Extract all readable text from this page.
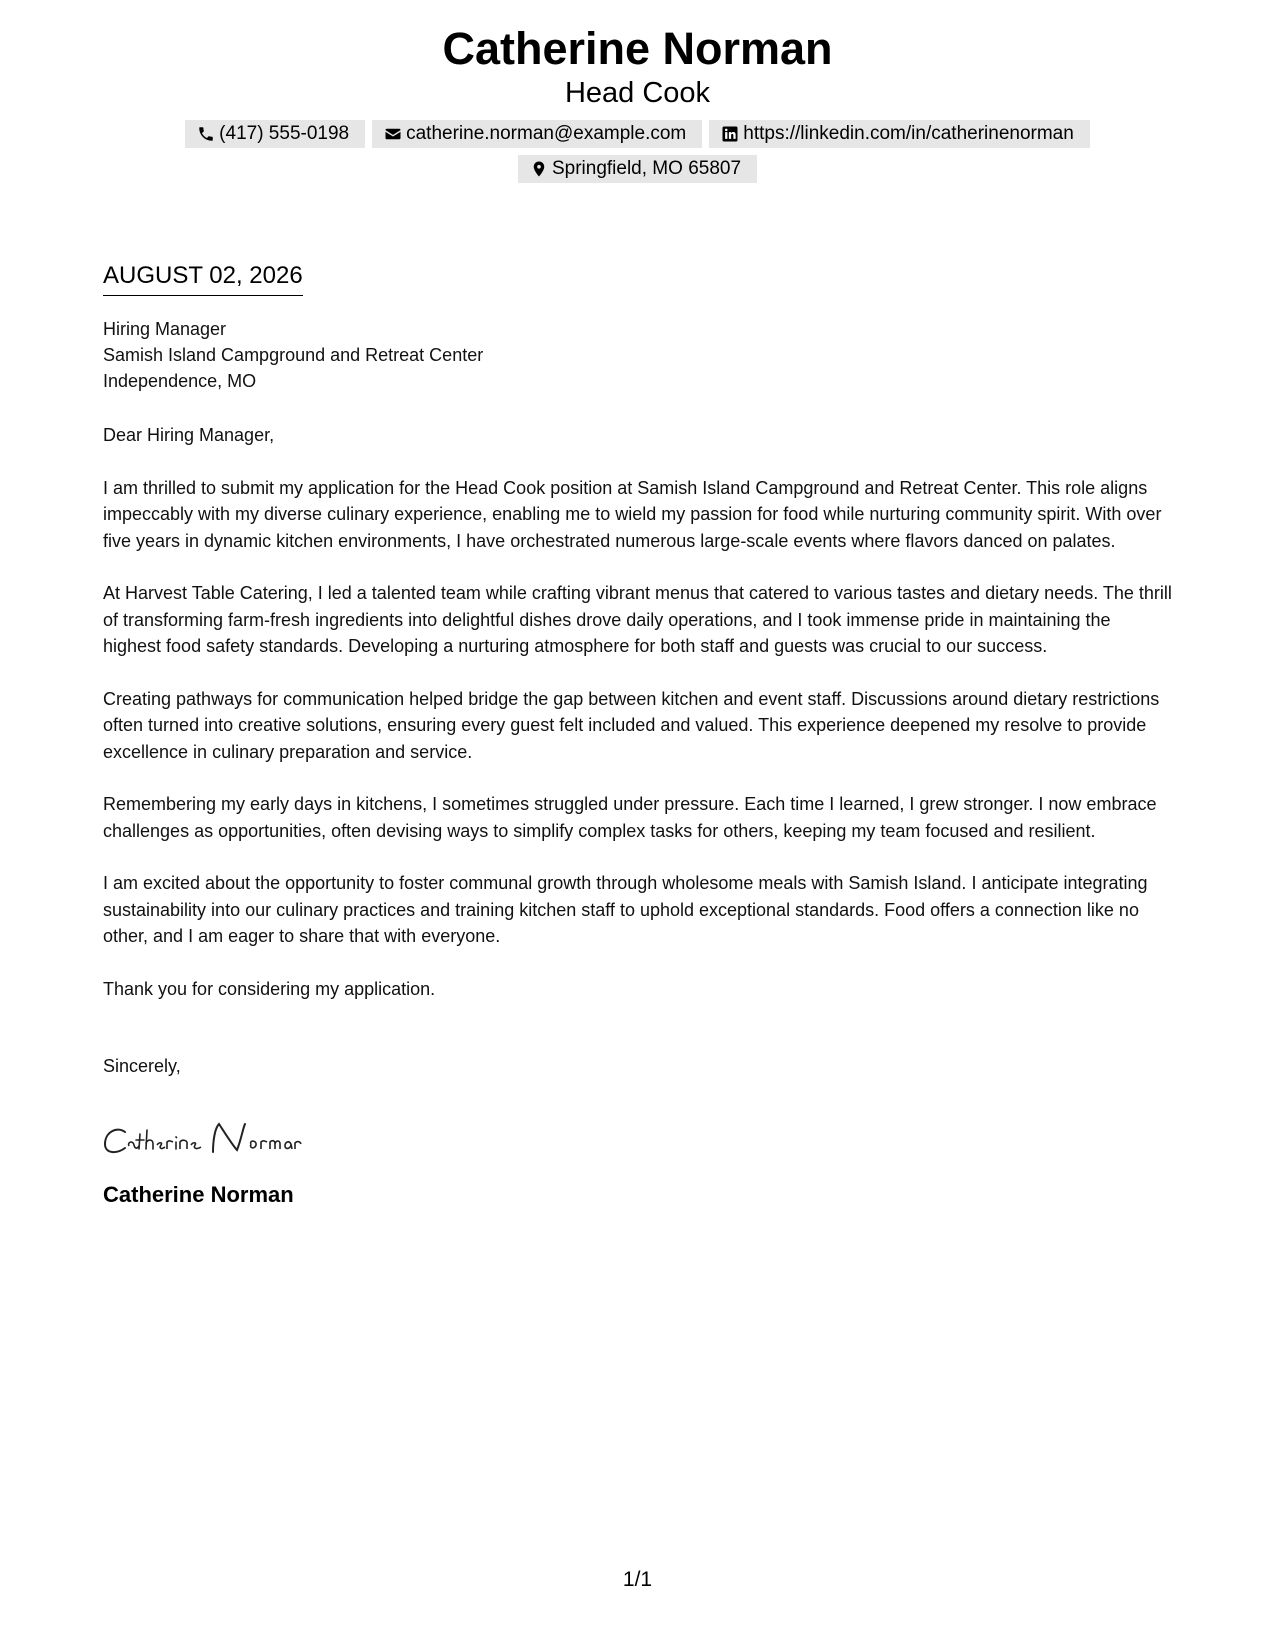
Catherine Norman
Head Cook
(417) 555-0198	catherine.norman@example.com	https://linkedin.com/in/catherinenorman
Springfield, MO 65807
AUGUST 02, 2026
Hiring Manager
Samish Island Campground and Retreat Center
Independence, MO
Dear Hiring Manager,

I am thrilled to submit my application for the Head Cook position at Samish Island Campground and Retreat Center. This role aligns impeccably with my diverse culinary experience, enabling me to wield my passion for food while nurturing community spirit. With over five years in dynamic kitchen environments, I have orchestrated numerous large-scale events where flavors danced on palates.

At Harvest Table Catering, I led a talented team while crafting vibrant menus that catered to various tastes and dietary needs. The thrill of transforming farm-fresh ingredients into delightful dishes drove daily operations, and I took immense pride in maintaining the highest food safety standards. Developing a nurturing atmosphere for both staff and guests was crucial to our success.

Creating pathways for communication helped bridge the gap between kitchen and event staff. Discussions around dietary restrictions often turned into creative solutions, ensuring every guest felt included and valued. This experience deepened my resolve to provide excellence in culinary preparation and service.

Remembering my early days in kitchens, I sometimes struggled under pressure. Each time I learned, I grew stronger. I now embrace challenges as opportunities, often devising ways to simplify complex tasks for others, keeping my team focused and resilient.

I am excited about the opportunity to foster communal growth through wholesome meals with Samish Island. I anticipate integrating sustainability into our culinary practices and training kitchen staff to uphold exceptional standards. Food offers a connection like no other, and I am eager to share that with everyone.

Thank you for considering my application.

Sincerely,
Catherine Norman
1/1
